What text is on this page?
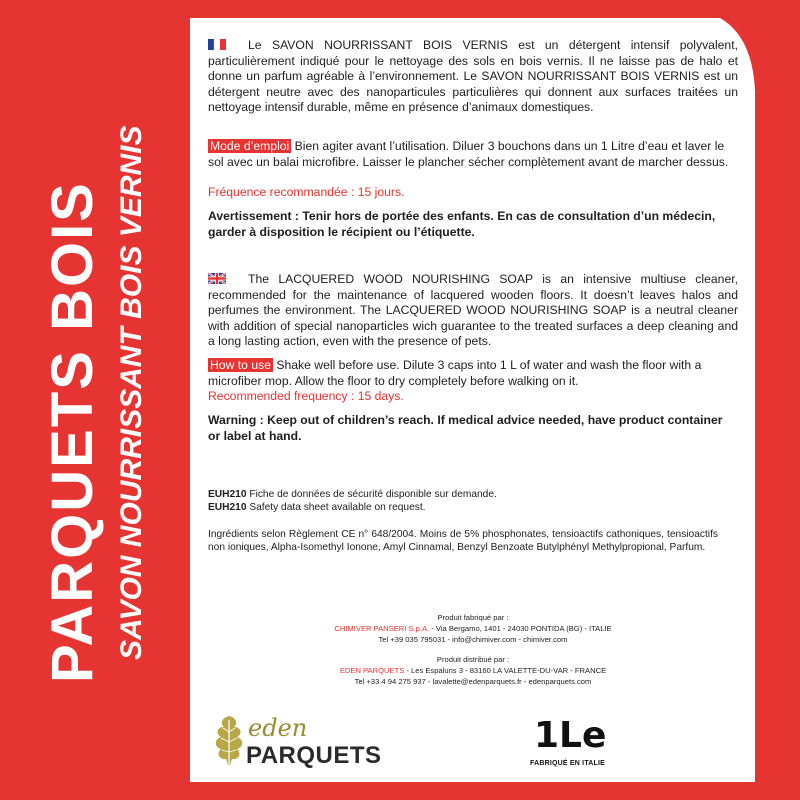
PARQUETS BOIS SAVON NOURRISSANT BOIS VERNIS
Le SAVON NOURRISSANT BOIS VERNIS est un détergent intensif polyvalent, particulièrement indiqué pour le nettoyage des sols en bois vernis. Il ne laisse pas de halo et donne un parfum agréable à l’environnement. Le SAVON NOURRISSANT BOIS VERNIS est un détergent neutre avec des nanoparticules particulières qui donnent aux surfaces traitées un nettoyage intensif durable, même en présence d’animaux domestiques.
Mode d’emploi Bien agiter avant l’utilisation. Diluer 3 bouchons dans un 1 Litre d’eau et laver le sol avec un balai microfibre. Laisser le plancher sécher complètement avant de marcher dessus.
Fréquence recommandée : 15 jours.
Avertissement : Tenir hors de portée des enfants. En cas de consultation d’un médecin, garder à disposition le récipient ou l’étiquette.
The LACQUERED WOOD NOURISHING SOAP is an intensive multiuse cleaner, recommended for the maintenance of lacquered wooden floors. It doesn’t leaves halos and perfumes the environment. The LACQUERED WOOD NOURISHING SOAP is a neutral cleaner with addition of special nanoparticles wich guarantee to the treated surfaces a deep cleaning and a long lasting action, even with the presence of pets.
How to use Shake well before use. Dilute 3 caps into 1 L of water and wash the floor with a microfiber mop. Allow the floor to dry completely before walking on it.
Recommended frequency : 15 days.
Warning : Keep out of children’s reach. If medical advice needed, have product container or label at hand.
EUH210 Fiche de données de sécurité disponible sur demande.
EUH210 Safety data sheet available on request.
Ingrédients selon Règlement CE n° 648/2004. Moins de 5% phosphonates, tensioactifs cathoniques, tensioactifs non ioniques, Alpha-Isomethyl Ionone, Amyl Cinnamal, Benzyl Benzoate Butylphényl Methylpropional, Parfum.
Produit fabriqué par :
CHIMIVER PANSERI S.p.A. - Via Bergamo, 1401 - 24030 PONTIDA (BG) - ITALIE
Tel +39 035 795031 - info@chimiver.com - chimiver.com
Produit distribué par :
EDEN PARQUETS - Les Espaluns 3 - 83160 LA VALETTE-DU-VAR - FRANCE
Tel +33 4 94 275 937 - lavalette@edenparquets.fr - edenparquets.com
eden
PARQUETS	1Le
FABRIQUÉ EN ITALIE
